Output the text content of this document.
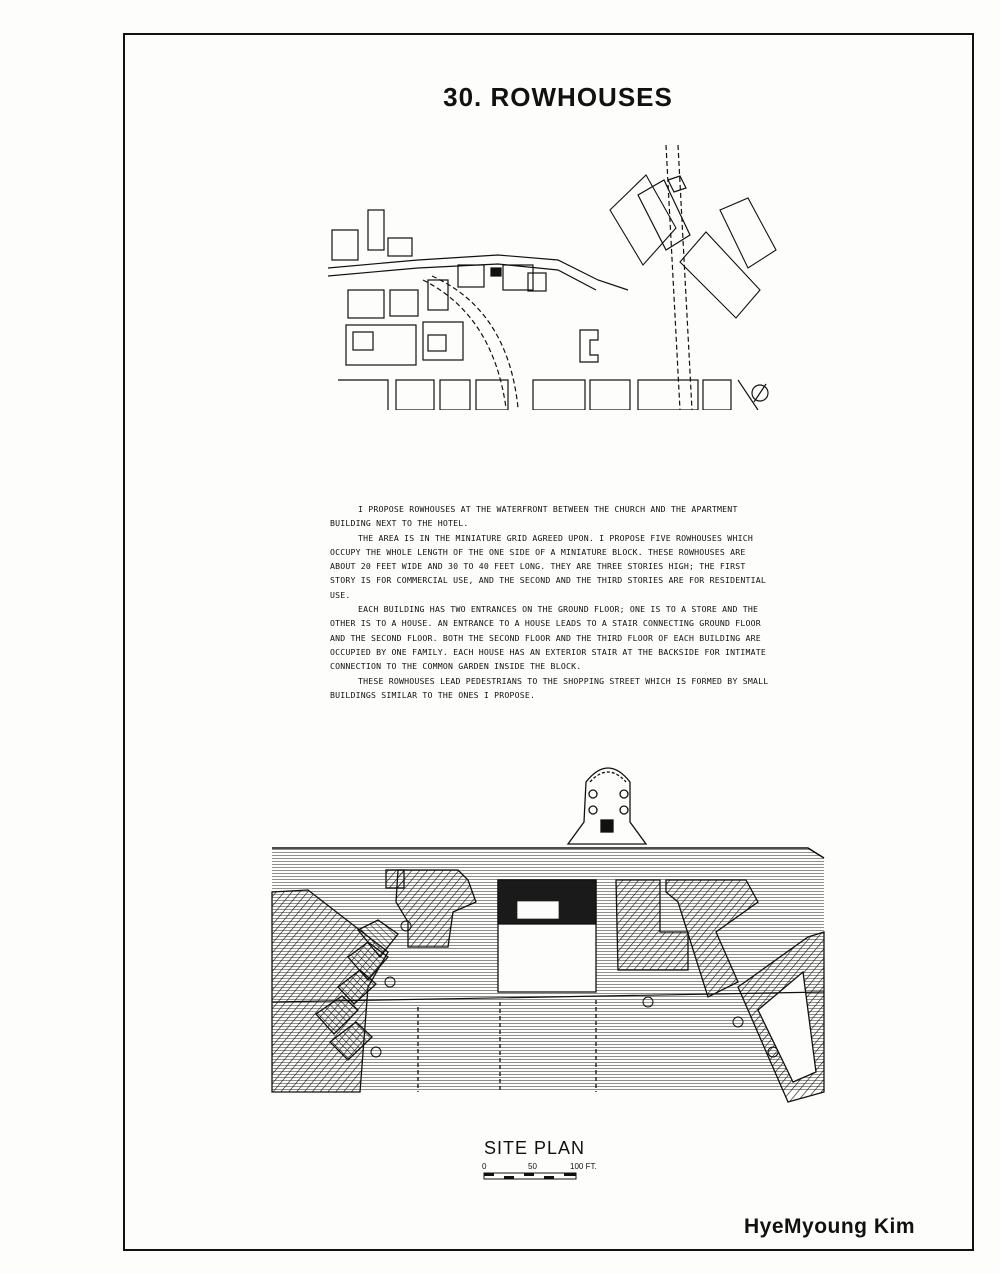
30. ROWHOUSES

I PROPOSE ROWHOUSES AT THE WATERFRONT BETWEEN THE CHURCH AND THE APARTMENT BUILDING NEXT TO THE HOTEL.

THE AREA IS IN THE MINIATURE GRID AGREED UPON. I PROPOSE FIVE ROWHOUSES WHICH OCCUPY THE WHOLE LENGTH OF THE ONE SIDE OF A MINIATURE BLOCK. THESE ROWHOUSES ARE ABOUT 20 FEET WIDE AND 30 TO 40 FEET LONG. THEY ARE THREE STORIES HIGH; THE FIRST STORY IS FOR COMMERCIAL USE, AND THE SECOND AND THE THIRD STORIES ARE FOR RESIDENTIAL USE.

EACH BUILDING HAS TWO ENTRANCES ON THE GROUND FLOOR; ONE IS TO A STORE AND THE OTHER IS TO A HOUSE. AN ENTRANCE TO A HOUSE LEADS TO A STAIR CONNECTING GROUND FLOOR AND THE SECOND FLOOR. BOTH THE SECOND FLOOR AND THE THIRD FLOOR OF EACH BUILDING ARE OCCUPIED BY ONE FAMILY. EACH HOUSE HAS AN EXTERIOR STAIR AT THE BACKSIDE FOR INTIMATE CONNECTION TO THE COMMON GARDEN INSIDE THE BLOCK.

THESE ROWHOUSES LEAD PEDESTRIANS TO THE SHOPPING STREET WHICH IS FORMED BY SMALL BUILDINGS SIMILAR TO THE ONES I PROPOSE.

SITE PLAN
0	50	100 FT.
HyeMyoung Kim
